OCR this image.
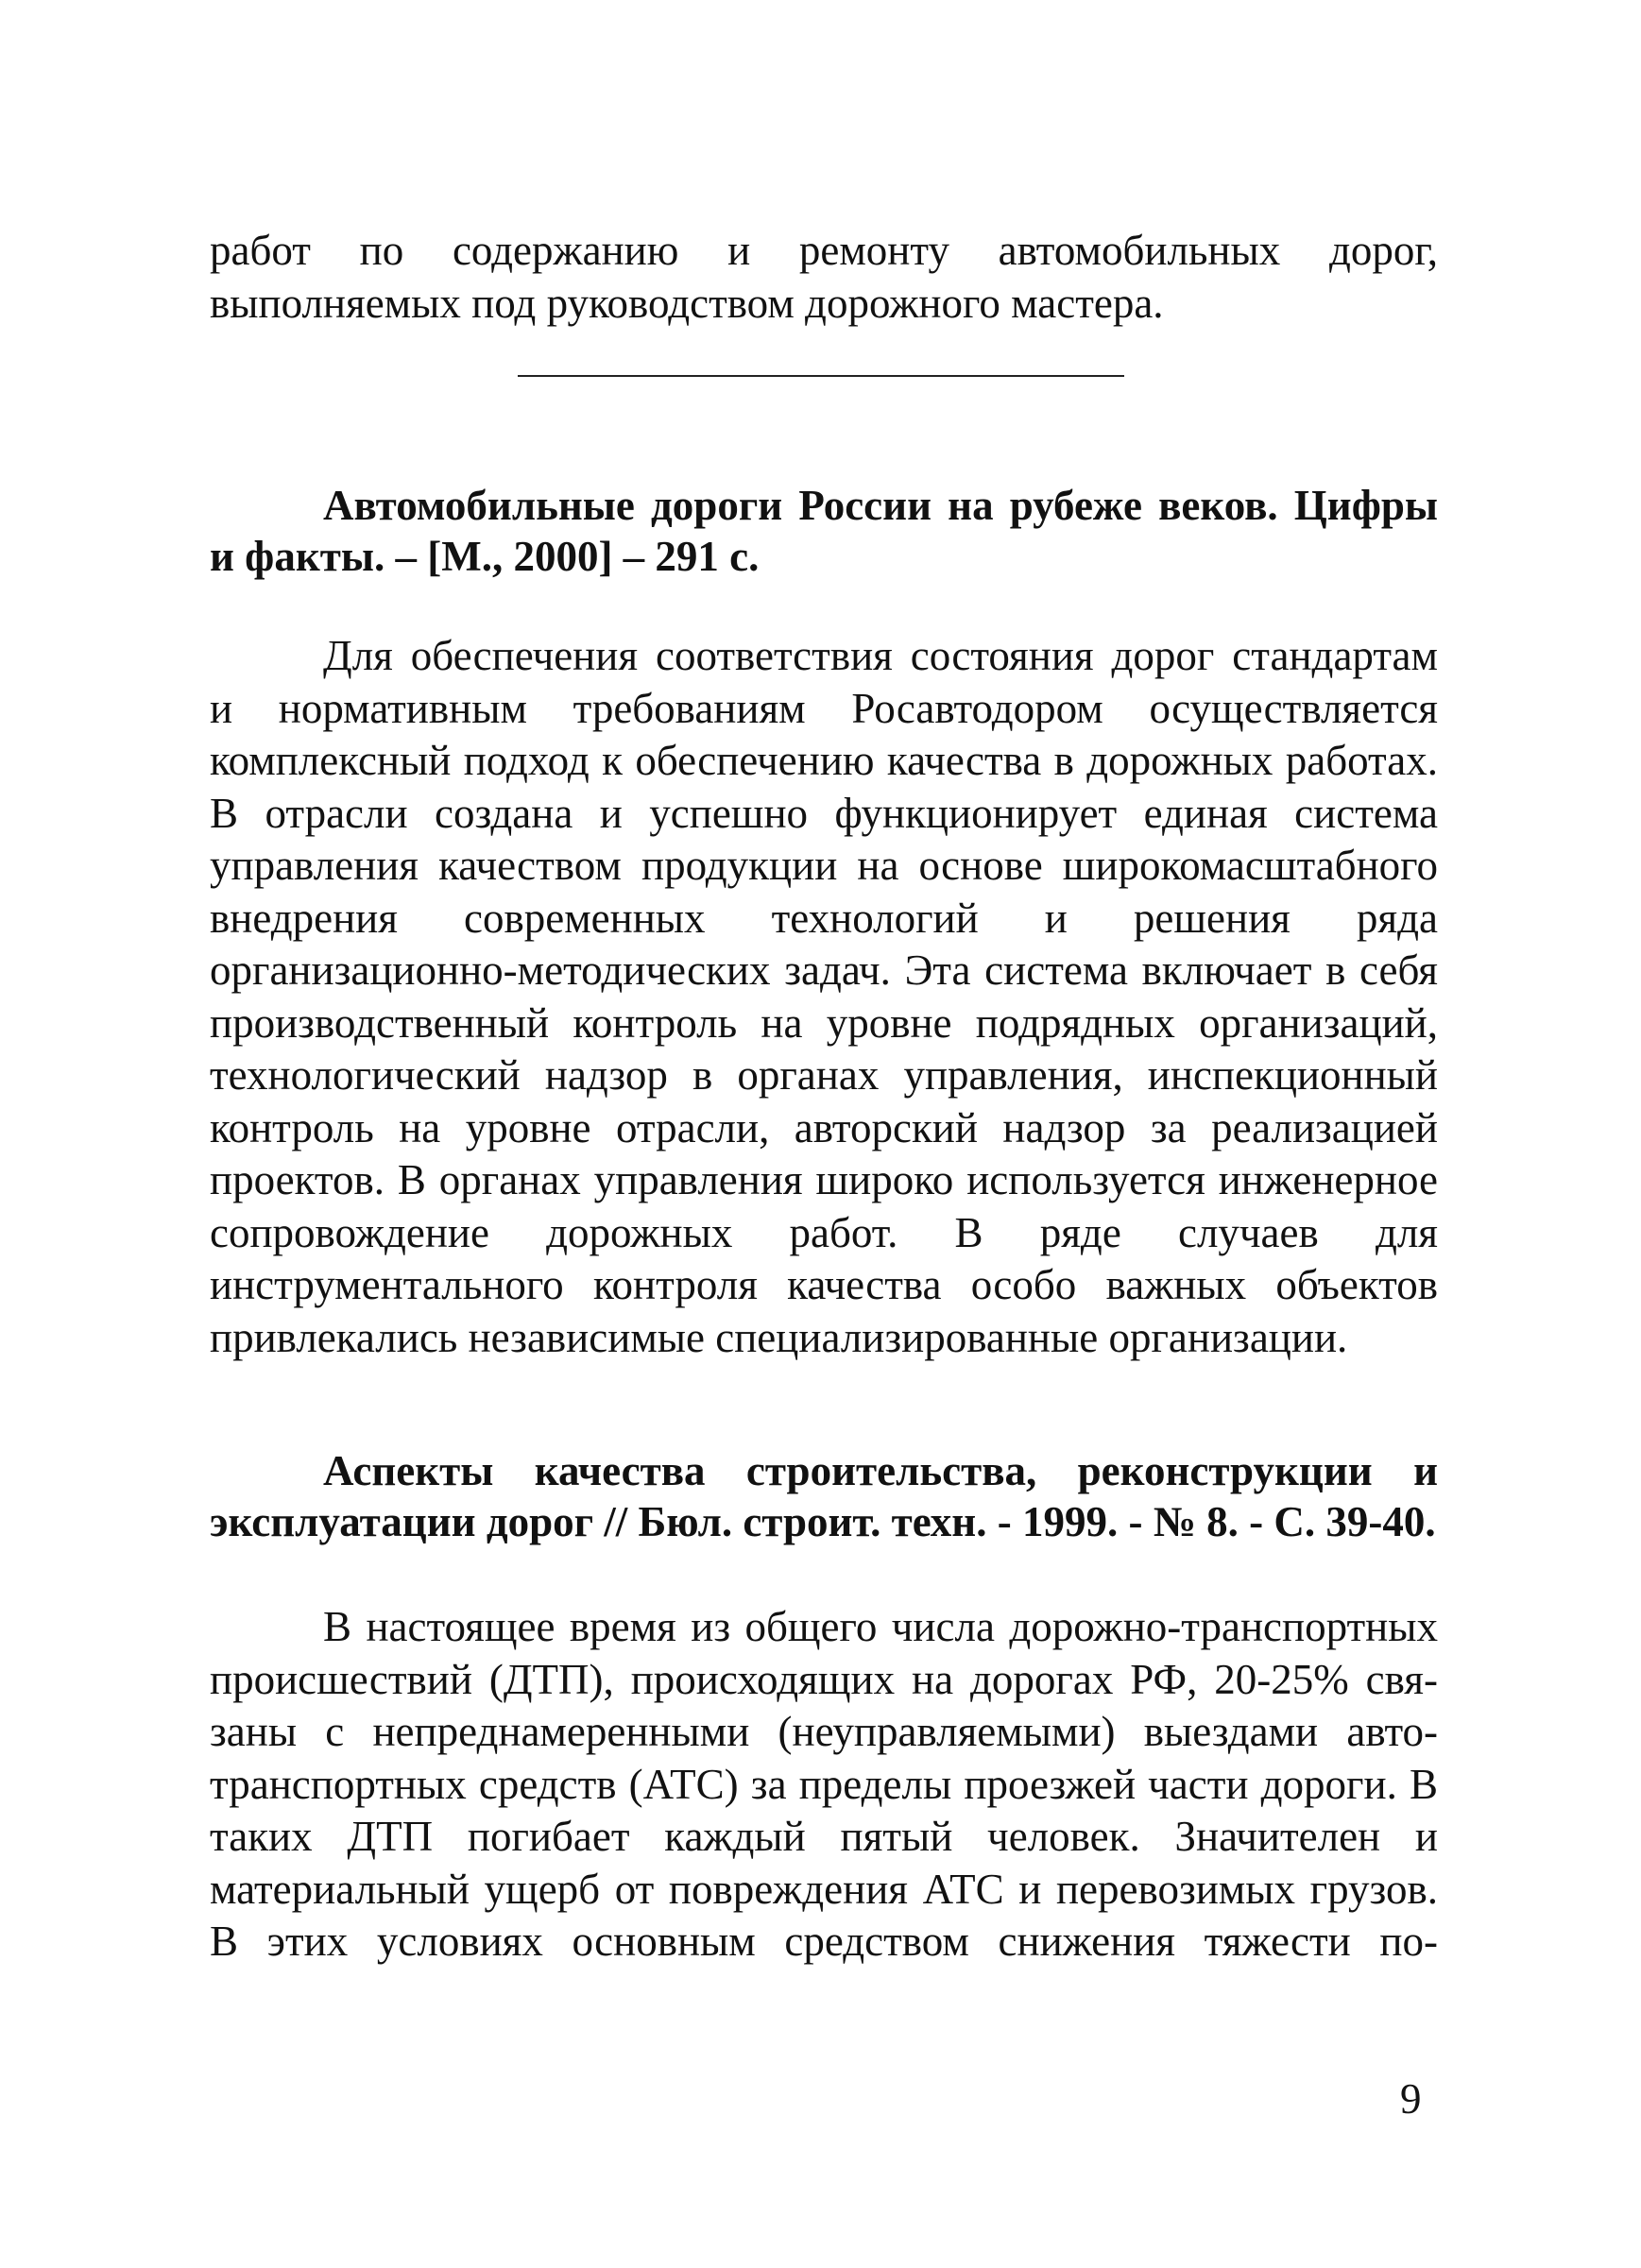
работ по содержанию и ремонту автомобильных дорог,
выполняемых под руководством дорожного мастера.

Автомобильные дороги России на рубеже веков. Цифры
и факты. – [М., 2000] – 291 с.

Для обеспечения соответствия состояния дорог стандартам
и нормативным требованиям Росавтодором осуществляется
комплексный подход к обеспечению качества в дорожных работах.
В отрасли создана и успешно функционирует единая система
управления качеством продукции на основе широкомасштабного
внедрения современных технологий и решения ряда
организационно-методических задач. Эта система включает в себя
производственный контроль на уровне подрядных организаций,
технологический надзор в органах управления, инспекционный
контроль на уровне отрасли, авторский надзор за реализацией
проектов. В органах управления широко используется инженерное
сопровождение дорожных работ. В ряде случаев для
инструментального контроля качества особо важных объектов
привлекались независимые специализированные организации.

Аспекты качества строительства, реконструкции и
эксплуатации дорог // Бюл. строит. техн. - 1999. - № 8. - С. 39-40.

В настоящее время из общего числа дорожно-транспортных
происшествий (ДТП), происходящих на дорогах РФ, 20-25% свя-
заны с непреднамеренными (неуправляемыми) выездами авто-
транспортных средств (АТС) за пределы проезжей части дороги. В
таких ДТП погибает каждый пятый человек. Значителен и
материальный ущерб от повреждения АТС и перевозимых грузов.
В этих условиях основным средством снижения тяжести по-

9
